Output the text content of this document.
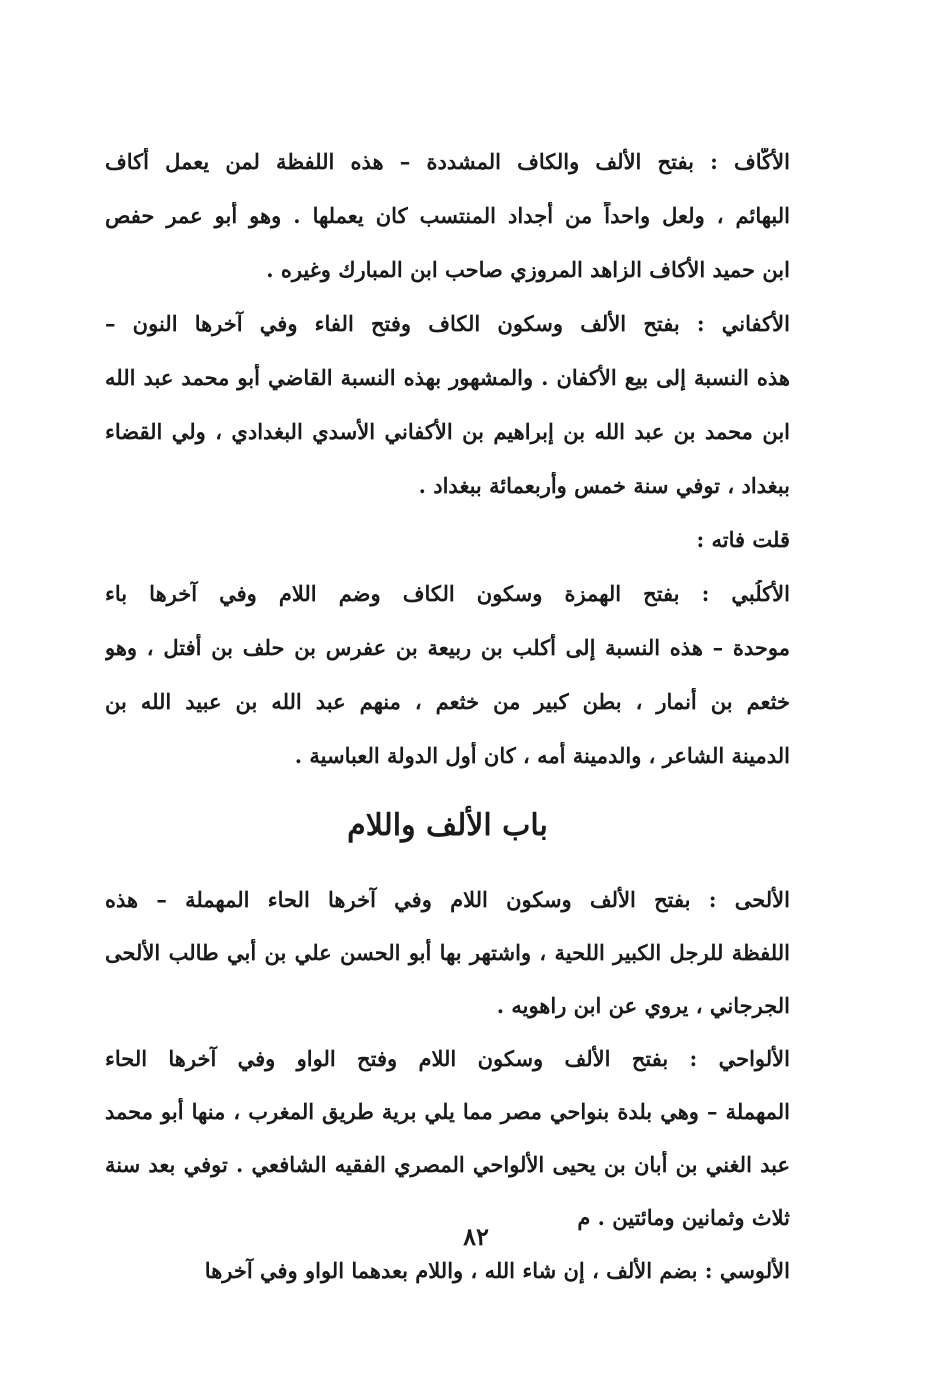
الأكّاف : بفتح الألف والكاف المشددة – هذه اللفظة لمن يعمل أكاف
البهائم ، ولعل واحداً من أجداد المنتسب كان يعملها . وهو أبو عمر حفص
ابن حميد الأكاف الزاهد المروزي صاحب ابن المبارك وغيره .
الأكفاني : بفتح الألف وسكون الكاف وفتح الفاء وفي آخرها النون –
هذه النسبة إلى بيع الأكفان . والمشهور بهذه النسبة القاضي أبو محمد عبد الله
ابن محمد بن عبد الله بن إبراهيم بن الأكفاني الأسدي البغدادي ، ولي القضاء
ببغداد ، توفي سنة خمس وأربعمائة ببغداد .
قلت فاته :
الأكلُبي : بفتح الهمزة وسكون الكاف وضم اللام وفي آخرها باء
موحدة – هذه النسبة إلى أكلب بن ربيعة بن عفرس بن حلف بن أفتل ، وهو
خثعم بن أنمار ، بطن كبير من خثعم ، منهم عبد الله بن عبيد الله بن
الدمينة الشاعر ، والدمينة أمه ، كان أول الدولة العباسية .
باب الألف واللام
الألحى : بفتح الألف وسكون اللام وفي آخرها الحاء المهملة – هذه
اللفظة للرجل الكبير اللحية ، واشتهر بها أبو الحسن علي بن أبي طالب الألحى
الجرجاني ، يروي عن ابن راهويه .
الألواحي : بفتح الألف وسكون اللام وفتح الواو وفي آخرها الحاء
المهملة – وهي بلدة بنواحي مصر مما يلي برية طريق المغرب ، منها أبو محمد
عبد الغني بن أبان بن يحيى الألواحي المصري الفقيه الشافعي . توفي بعد سنة
ثلاث وثمانين ومائتين . م
الأُلوسي : بضم الألف ، إن شاء الله ، واللام بعدهما الواو وفي آخرها
٨٢
